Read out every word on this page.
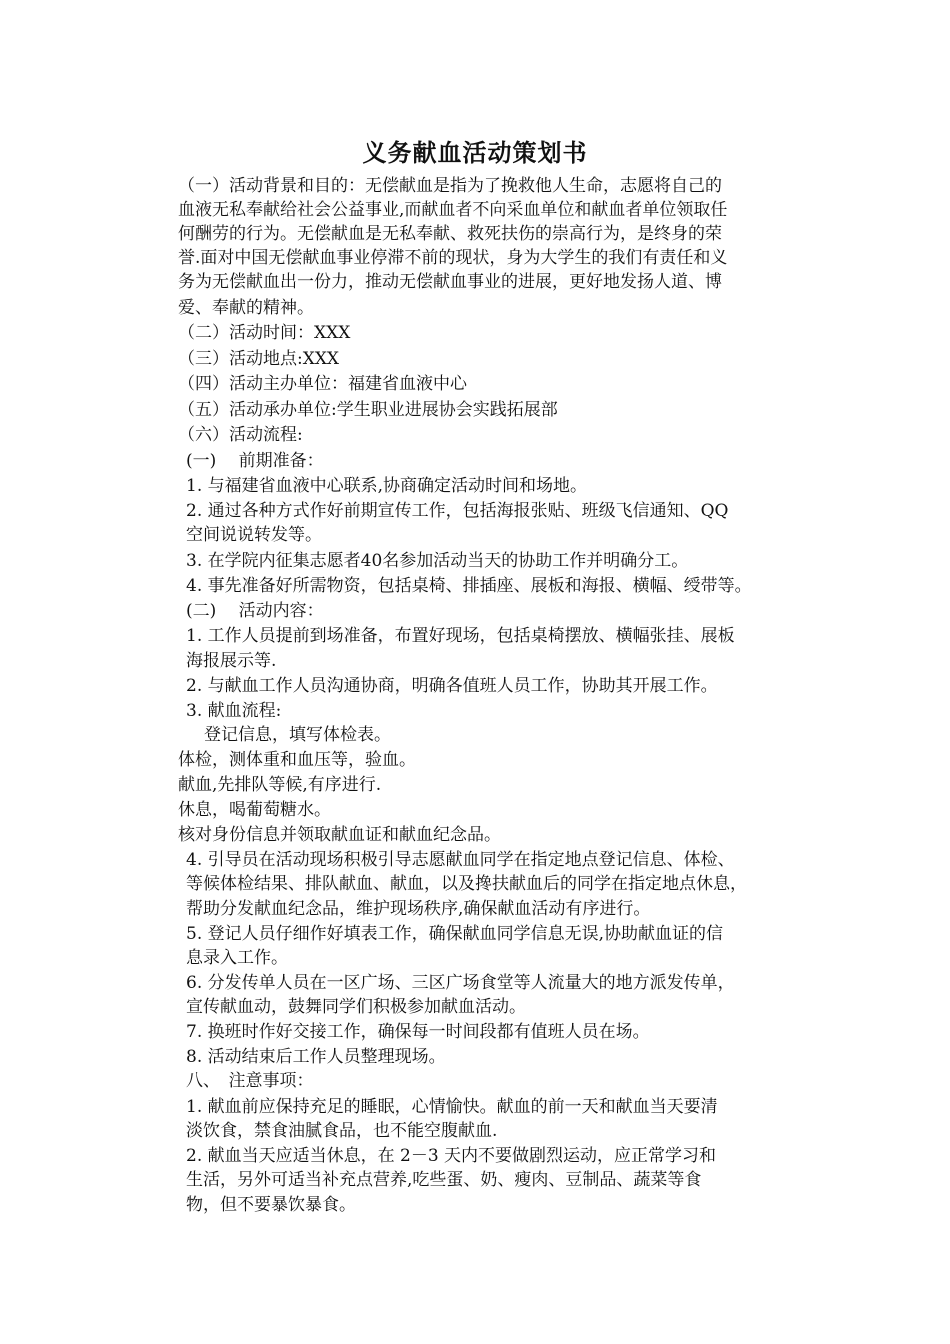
义务献血活动策划书
（一）活动背景和目的：无偿献血是指为了挽救他人生命，志愿将自己的
血液无私奉献给社会公益事业,而献血者不向采血单位和献血者单位领取任
何酬劳的行为。无偿献血是无私奉献、救死扶伤的崇高行为，是终身的荣
誉.面对中国无偿献血事业停滞不前的现状，身为大学生的我们有责任和义
务为无偿献血出一份力，推动无偿献血事业的进展，更好地发扬人道、博
爱、奉献的精神。
（二）活动时间：XXX
（三）活动地点:XXX
（四）活动主办单位：福建省血液中心
（五）活动承办单位:学生职业进展协会实践拓展部
（六）活动流程:
(一)　 前期准备：
1. 与福建省血液中心联系,协商确定活动时间和场地。
2. 通过各种方式作好前期宣传工作，包括海报张贴、班级飞信通知、QQ
空间说说转发等。
3. 在学院内征集志愿者40名参加活动当天的协助工作并明确分工。
4. 事先准备好所需物资，包括桌椅、排插座、展板和海报、横幅、绶带等。
(二)　 活动内容：
1. 工作人员提前到场准备，布置好现场，包括桌椅摆放、横幅张挂、展板
海报展示等.
2. 与献血工作人员沟通协商，明确各值班人员工作，协助其开展工作。
3. 献血流程:
登记信息，填写体检表。
体检，测体重和血压等，验血。
献血,先排队等候,有序进行.
休息，喝葡萄糖水。
核对身份信息并领取献血证和献血纪念品。
4. 引导员在活动现场积极引导志愿献血同学在指定地点登记信息、体检、
等候体检结果、排队献血、献血，以及搀扶献血后的同学在指定地点休息，
帮助分发献血纪念品，维护现场秩序,确保献血活动有序进行。
5. 登记人员仔细作好填表工作，确保献血同学信息无误,协助献血证的信
息录入工作。
6. 分发传单人员在一区广场、三区广场食堂等人流量大的地方派发传单，
宣传献血动，鼓舞同学们积极参加献血活动。
7. 换班时作好交接工作，确保每一时间段都有值班人员在场。
8. 活动结束后工作人员整理现场。
八、　注意事项：
1. 献血前应保持充足的睡眠，心情愉快。献血的前一天和献血当天要清
淡饮食，禁食油腻食品，也不能空腹献血.
2. 献血当天应适当休息，在 2－3 天内不要做剧烈运动，应正常学习和
生活，另外可适当补充点营养,吃些蛋、奶、瘦肉、豆制品、蔬菜等食
物，但不要暴饮暴食。
